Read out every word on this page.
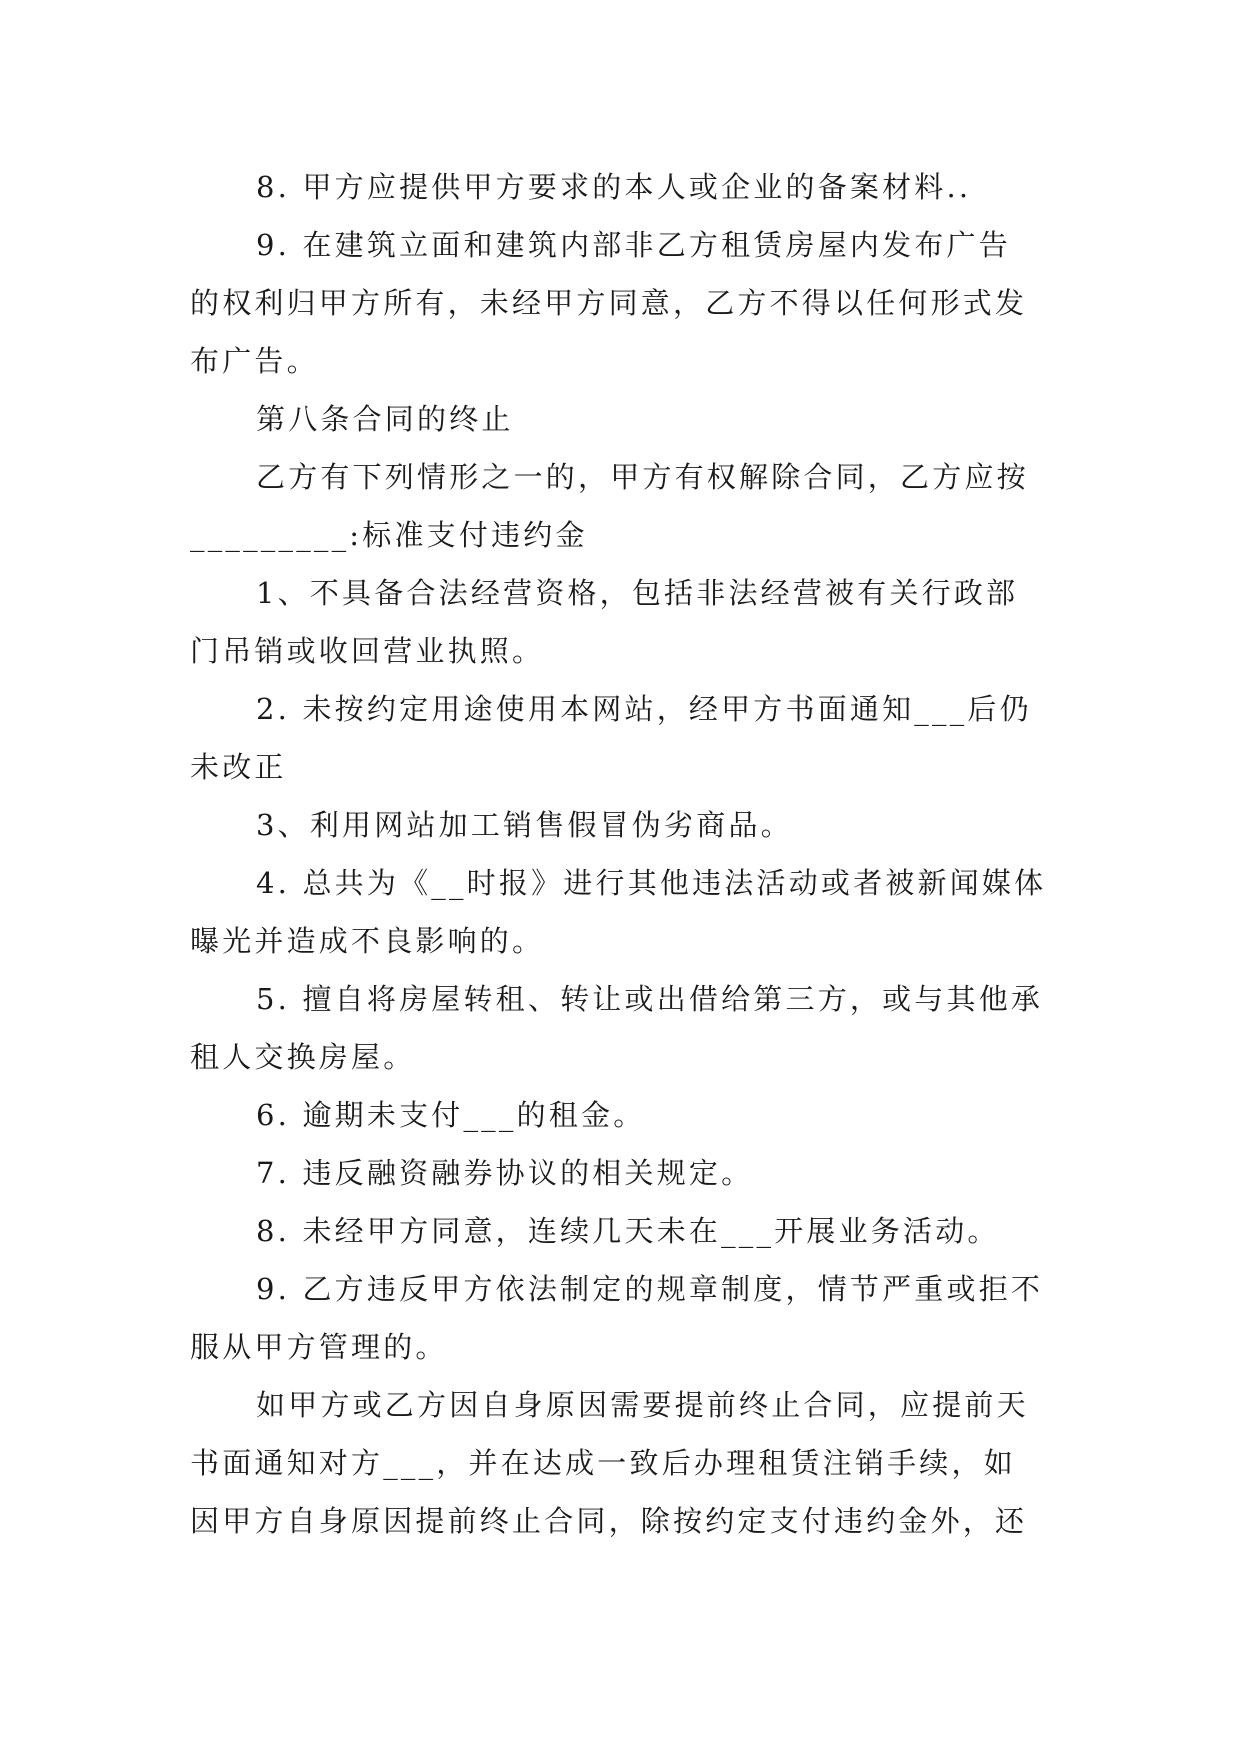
8. 甲方应提供甲方要求的本人或企业的备案材料..
9. 在建筑立面和建筑内部非乙方租赁房屋内发布广告
的权利归甲方所有，未经甲方同意，乙方不得以任何形式发
布广告。
第八条合同的终止
乙方有下列情形之一的，甲方有权解除合同，乙方应按
_________:标准支付违约金
1、不具备合法经营资格，包括非法经营被有关行政部
门吊销或收回营业执照。
2. 未按约定用途使用本网站，经甲方书面通知___后仍
未改正
3、利用网站加工销售假冒伪劣商品。
4. 总共为《__时报》进行其他违法活动或者被新闻媒体
曝光并造成不良影响的。
5. 擅自将房屋转租、转让或出借给第三方，或与其他承
租人交换房屋。
6. 逾期未支付___的租金。
7. 违反融资融券协议的相关规定。
8. 未经甲方同意，连续几天未在___开展业务活动。
9. 乙方违反甲方依法制定的规章制度，情节严重或拒不
服从甲方管理的。
如甲方或乙方因自身原因需要提前终止合同，应提前天
书面通知对方___，并在达成一致后办理租赁注销手续，如
因甲方自身原因提前终止合同，除按约定支付违约金外，还
